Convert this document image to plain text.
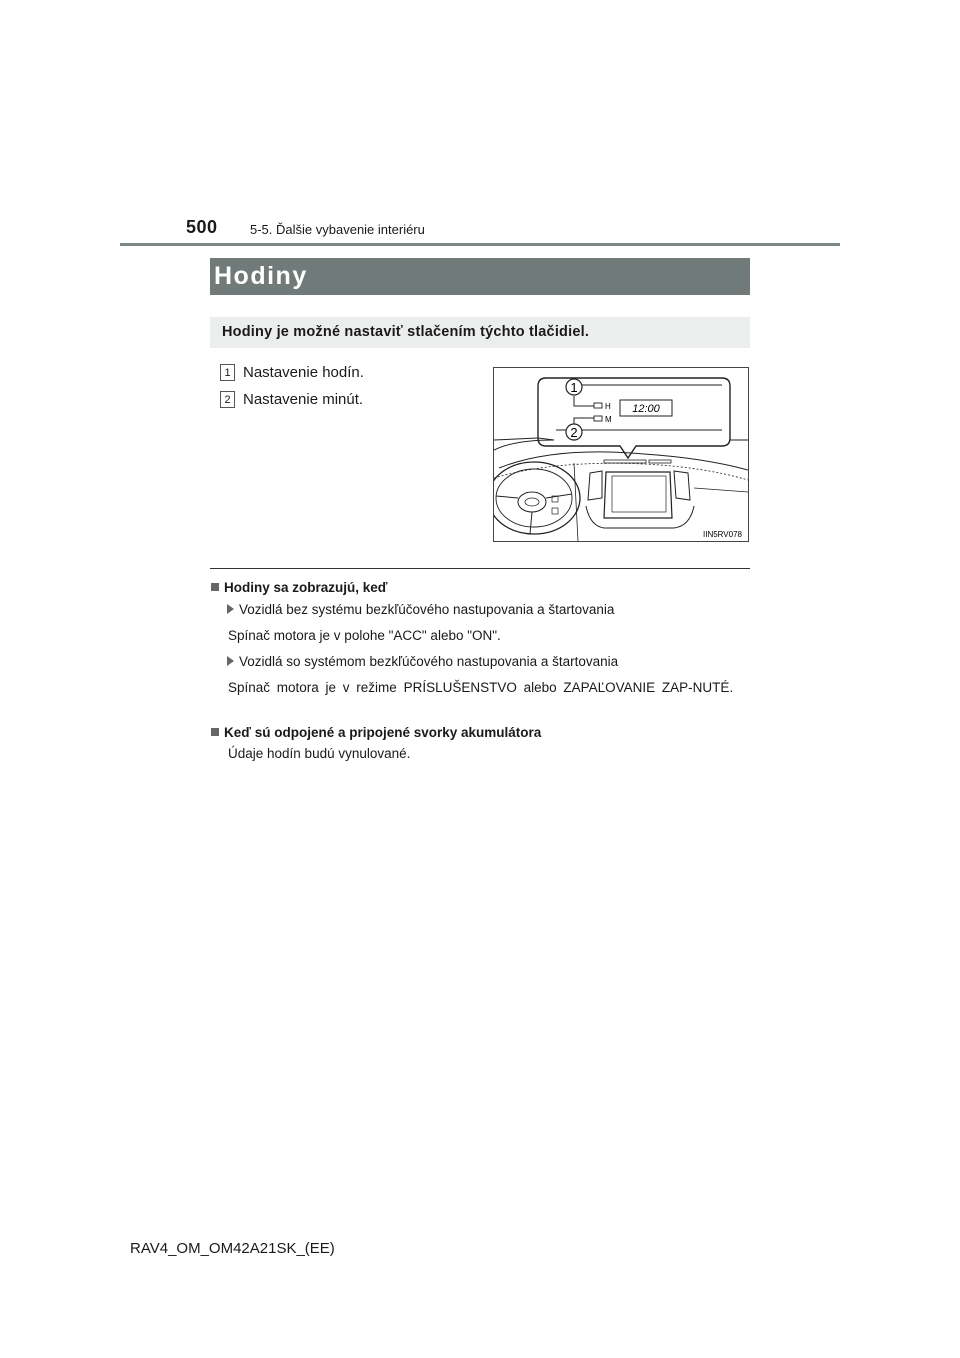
500 5-5. Ďalšie vybavenie interiéru
Hodiny
Hodiny je možné nastaviť stlačením týchto tlačidiel.
1 Nastavenie hodín.
2 Nastavenie minút.
1
2
H
M
12:00
IIN5RV078
Hodiny sa zobrazujú, keď
Vozidlá bez systému bezkľúčového nastupovania a štartovania
Spínač motora je v polohe "ACC" alebo "ON".
Vozidlá so systémom bezkľúčového nastupovania a štartovania
Spínač motora je v režime PRÍSLUŠENSTVO alebo ZAPAĽOVANIE ZAP-NUTÉ.
Keď sú odpojené a pripojené svorky akumulátora
Údaje hodín budú vynulované.
RAV4_OM_OM42A21SK_(EE)
